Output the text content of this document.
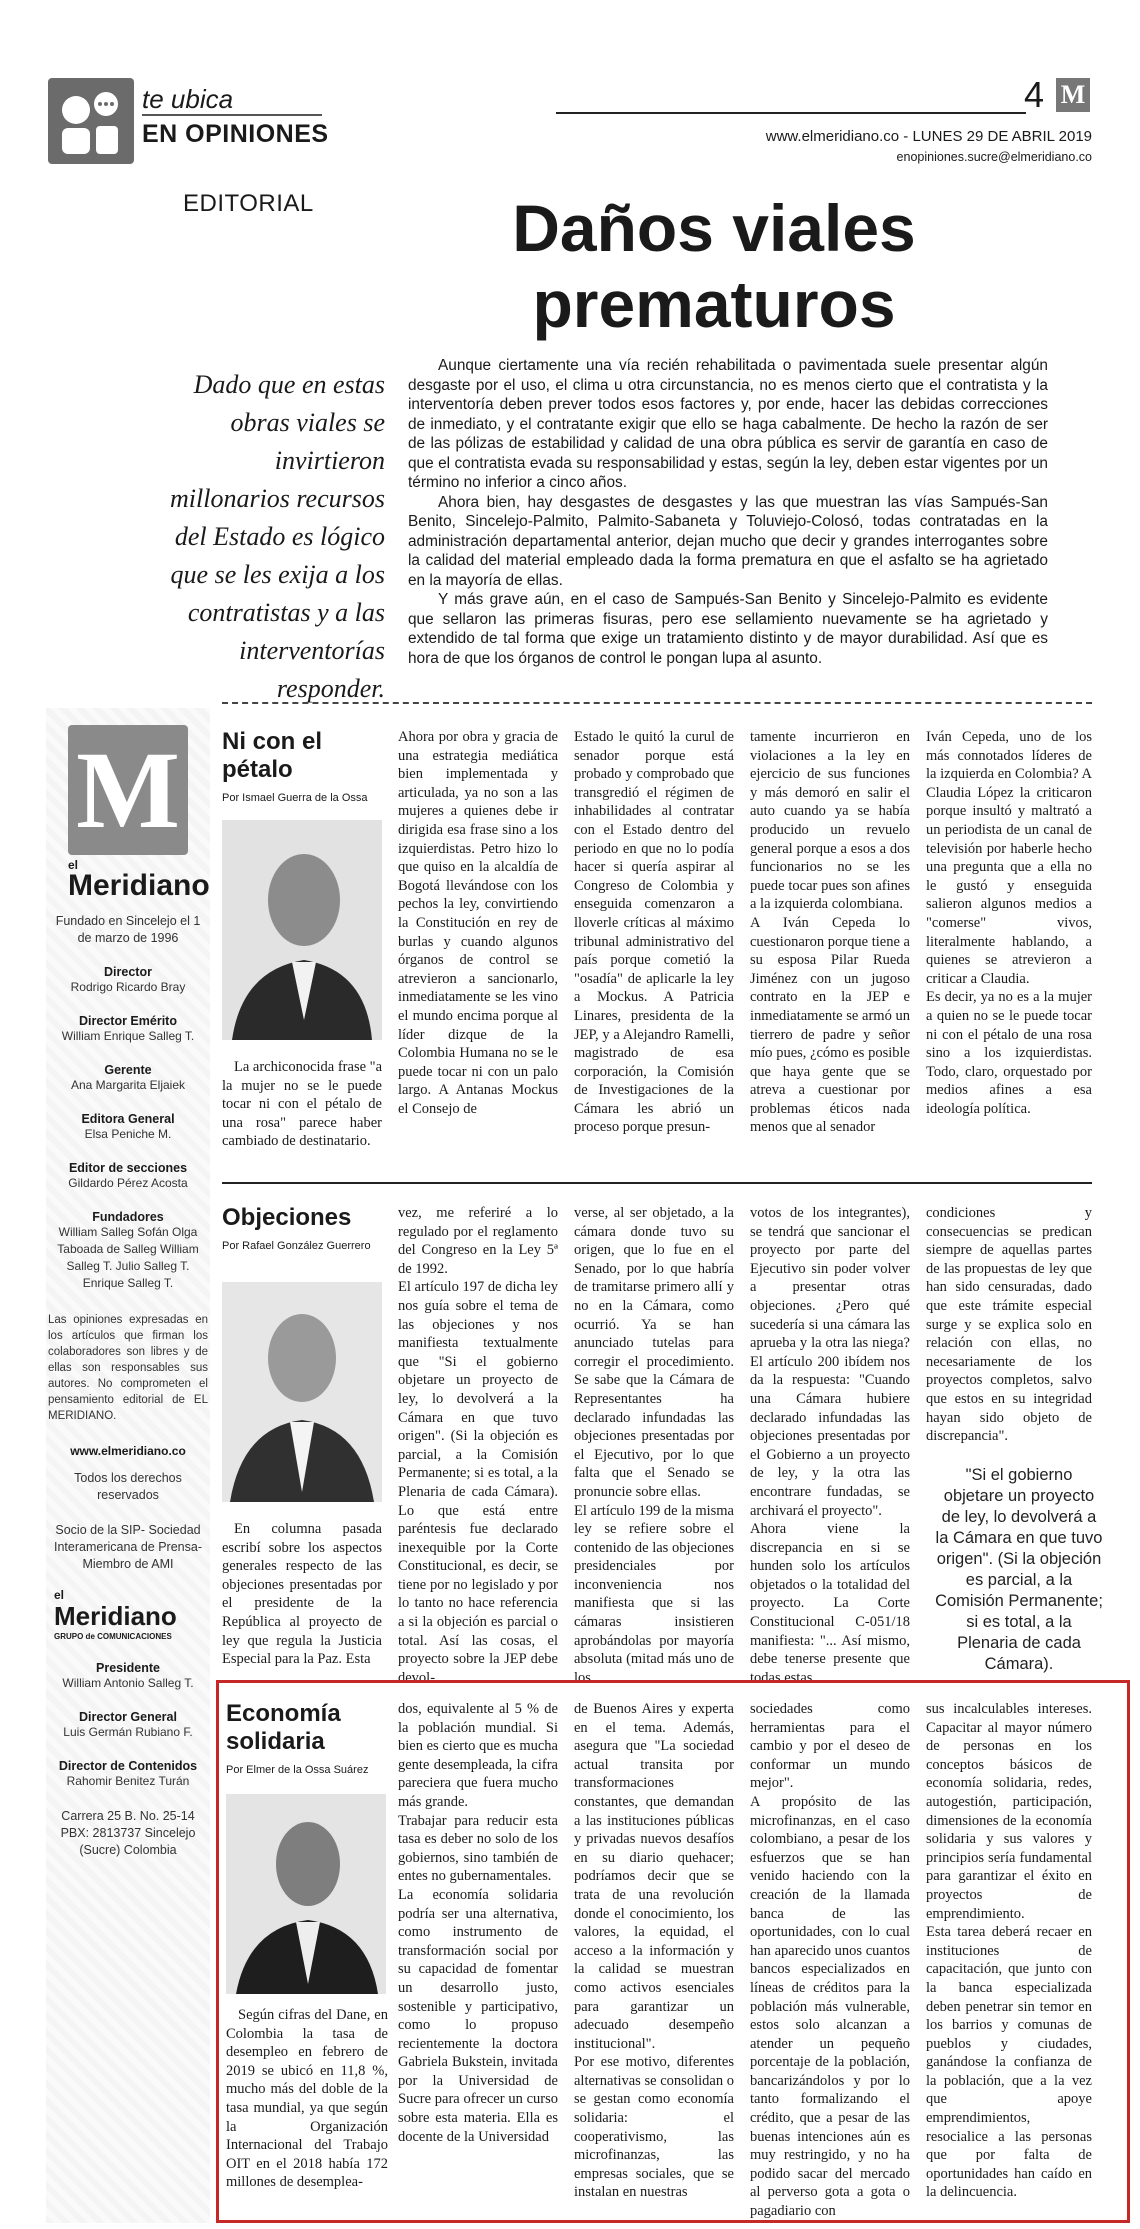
te ubica
EN OPINIONES
4 M
www.elmeridiano.co - LUNES 29 DE ABRIL 2019
enopiniones.sucre@elmeridiano.co
EDITORIAL	Daños viales prematuros
Dado que en estas obras viales se invirtieron millonarios recursos del Estado es lógico que se les exija a los contratistas y a las interventorías responder.

Aunque ciertamente una vía recién rehabilitada o pavimentada suele presentar algún desgaste por el uso, el clima u otra circunstancia, no es menos cierto que el contratista y la interventoría deben prever todos esos factores y, por ende, hacer las debidas correcciones de inmediato, y el contratante exigir que ello se haga cabalmente. De hecho la razón de ser de las pólizas de estabilidad y calidad de una obra pública es servir de garantía en caso de que el contratista evada su responsabilidad y estas, según la ley, deben estar vigentes por un término no inferior a cinco años.

Ahora bien, hay desgastes de desgastes y las que muestran las vías Sampués-San Benito, Sincelejo-Palmito, Palmito-Sabaneta y Toluviejo-Colosó, todas contratadas en la administración departamental anterior, dejan mucho que decir y grandes interrogantes sobre la calidad del material empleado dada la forma prematura en que el asfalto se ha agrietado en la mayoría de ellas.

Y más grave aún, en el caso de Sampués-San Benito y Sincelejo-Palmito es evidente que sellaron las primeras fisuras, pero ese sellamiento nuevamente se ha agrietado y extendido de tal forma que exige un tratamiento distinto y de mayor durabilidad. Así que es hora de que los órganos de control le pongan lupa al asunto.

M
el
Meridiano
Fundado en Sincelejo el 1 de marzo de 1996
Director
Rodrigo Ricardo Bray
Director Emérito
William Enrique Salleg T.
Gerente
Ana Margarita Eljaiek
Editora General
Elsa Peniche M.
Editor de secciones
Gildardo Pérez Acosta
Fundadores
William Salleg Sofán Olga Taboada de Salleg William Salleg T. Julio Salleg T. Enrique Salleg T.
Las opiniones expresadas en los artículos que firman los colaboradores son libres y de ellas son responsables sus autores. No comprometen el pensamiento editorial de EL MERIDIANO.
www.elmeridiano.co
Todos los derechos reservados
Socio de la SIP- Sociedad Interamericana de Prensa- Miembro de AMI
el
Meridiano
GRUPO de COMUNICACIONES
Presidente
William Antonio Salleg T.
Director General
Luis Germán Rubiano F.
Director de Contenidos
Rahomir Benitez Turán
Carrera 25 B. No. 25-14 PBX: 2813737 Sincelejo (Sucre) Colombia
Ni con el pétalo
Por Ismael Guerra de la Ossa

La archiconocida frase "a la mujer no se le puede tocar ni con el pétalo de una rosa" parece haber cambiado de destinatario.

Ahora por obra y gracia de una estrategia mediática bien implementada y articulada, ya no son a las mujeres a quienes debe ir dirigida esa frase sino a los izquierdistas. Petro hizo lo que quiso en la alcaldía de Bogotá llevándose con los pechos la ley, convirtiendo la Constitución en rey de burlas y cuando algunos órganos de control se atrevieron a sancionarlo, inmediatamente se les vino el mundo encima porque al líder dizque de la Colombia Humana no se le puede tocar ni con un palo largo. A Antanas Mockus el Consejo de

Estado le quitó la curul de senador porque está probado y comprobado que transgredió el régimen de inhabilidades al contratar con el Estado dentro del periodo en que no lo podía hacer si quería aspirar al Congreso de Colombia y enseguida comenzaron a lloverle críticas al máximo tribunal administrativo del país porque cometió la "osadía" de aplicarle la ley a Mockus. A Patricia Linares, presidenta de la JEP, y a Alejandro Ramelli, magistrado de esa corporación, la Comisión de Investigaciones de la Cámara les abrió un proceso porque presun-

tamente incurrieron en violaciones a la ley en ejercicio de sus funciones y más demoró en salir el auto cuando ya se había producido un revuelo general porque a esos a dos funcionarios no se les puede tocar pues son afines a la izquierda colombiana.
A Iván Cepeda lo cuestionaron porque tiene a su esposa Pilar Rueda Jiménez con un jugoso contrato en la JEP e inmediatamente se armó un tierrero de padre y señor mío pues, ¿cómo es posible que haya gente que se atreva a cuestionar por problemas éticos nada menos que al senador

Iván Cepeda, uno de los más connotados líderes de la izquierda en Colombia? A Claudia López la criticaron porque insultó y maltrató a un periodista de un canal de televisión por haberle hecho una pregunta que a ella no le gustó y enseguida salieron algunos medios a "comerse" vivos, literalmente hablando, a quienes se atrevieron a criticar a Claudia.
Es decir, ya no es a la mujer a quien no se le puede tocar ni con el pétalo de una rosa sino a los izquierdistas. Todo, claro, orquestado por medios afines a esa ideología política.

Objeciones
Por Rafael González Guerrero

En columna pasada escribí sobre los aspectos generales respecto de las objeciones presentadas por el presidente de la República al proyecto de ley que regula la Justicia Especial para la Paz. Esta

vez, me referiré a lo regulado por el reglamento del Congreso en la Ley 5ª de 1992.
El artículo 197 de dicha ley nos guía sobre el tema de las objeciones y nos manifiesta textualmente que "Si el gobierno objetare un proyecto de ley, lo devolverá a la Cámara en que tuvo origen". (Si la objeción es parcial, a la Comisión Permanente; si es total, a la Plenaria de cada Cámara). Lo que está entre paréntesis fue declarado inexequible por la Corte Constitucional, es decir, se tiene por no legislado y por lo tanto no hace referencia a si la objeción es parcial o total. Así las cosas, el proyecto sobre la JEP debe devol-

verse, al ser objetado, a la cámara donde tuvo su origen, que lo fue en el Senado, por lo que habría de tramitarse primero allí y no en la Cámara, como ocurrió. Ya se han anunciado tutelas para corregir el procedimiento. Se sabe que la Cámara de Representantes ha declarado infundadas las objeciones presentadas por el Ejecutivo, por lo que falta que el Senado se pronuncie sobre ellas.
El artículo 199 de la misma ley se refiere sobre el contenido de las objeciones presidenciales por inconveniencia nos manifiesta que si las cámaras insistieren aprobándolas por mayoría absoluta (mitad más uno de los

votos de los integrantes), se tendrá que sancionar el proyecto por parte del Ejecutivo sin poder volver a presentar otras objeciones. ¿Pero qué sucedería si una cámara las aprueba y la otra las niega? El artículo 200 ibídem nos da la respuesta: "Cuando una Cámara hubiere declarado infundadas las objeciones presentadas por el Gobierno a un proyecto de ley, y la otra las encontrare fundadas, se archivará el proyecto".
Ahora viene la discrepancia en si se hunden solo los artículos objetados o la totalidad del proyecto. La Corte Constitucional C-051/18 manifiesta: "... Así mismo, debe tenerse presente que todas estas

condiciones y consecuencias se predican siempre de aquellas partes de las propuestas de ley que han sido censuradas, dado que este trámite especial surge y se explica solo en relación con ellas, no necesariamente de los proyectos completos, salvo que estos en su integridad hayan sido objeto de discrepancia".

"Si el gobierno objetare un proyecto de ley, lo devolverá a la Cámara en que tuvo origen". (Si la objeción es parcial, a la Comisión Permanente; si es total, a la Plenaria de cada Cámara).
Economía solidaria
Por Elmer de la Ossa Suárez

Según cifras del Dane, en Colombia la tasa de desempleo en febrero de 2019 se ubicó en 11,8 %, mucho más del doble de la tasa mundial, ya que según la Organización Internacional del Trabajo OIT en el 2018 había 172 millones de desemplea-

dos, equivalente al 5 % de la población mundial. Si bien es cierto que es mucha gente desempleada, la cifra pareciera que fuera mucho más grande.
Trabajar para reducir esta tasa es deber no solo de los gobiernos, sino también de entes no gubernamentales.
La economía solidaria podría ser una alternativa, como instrumento de transformación social por su capacidad de fomentar un desarrollo justo, sostenible y participativo, como lo propuso recientemente la doctora Gabriela Bukstein, invitada por la Universidad de Sucre para ofrecer un curso sobre esta materia. Ella es docente de la Universidad

de Buenos Aires y experta en el tema. Además, asegura que "La sociedad actual transita por transformaciones constantes, que demandan a las instituciones públicas y privadas nuevos desafíos en su diario quehacer; podríamos decir que se trata de una revolución donde el conocimiento, los valores, la equidad, el acceso a la información y la calidad se muestran como activos esenciales para garantizar un adecuado desempeño institucional".
Por ese motivo, diferentes alternativas se consolidan o se gestan como economía solidaria: el cooperativismo, las microfinanzas, las empresas sociales, que se instalan en nuestras

sociedades como herramientas para el cambio y por el deseo de conformar un mundo mejor".
A propósito de las microfinanzas, en el caso colombiano, a pesar de los esfuerzos que se han venido haciendo con la creación de la llamada banca de las oportunidades, con lo cual han aparecido unos cuantos bancos especializados en líneas de créditos para la población más vulnerable, estos solo alcanzan a atender un pequeño porcentaje de la población, bancarizándolos y por lo tanto formalizando el crédito, que a pesar de las buenas intenciones aún es muy restringido, y no ha podido sacar del mercado al perverso gota a gota o pagadiario con

sus incalculables intereses. Capacitar al mayor número de personas en los conceptos básicos de economía solidaria, redes, autogestión, participación, dimensiones de la economía solidaria y sus valores y principios sería fundamental para garantizar el éxito en proyectos de emprendimiento.
Esta tarea deberá recaer en instituciones de capacitación, que junto con la banca especializada deben penetrar sin temor en los barrios y comunas de pueblos y ciudades, ganándose la confianza de la población, que a la vez que apoye emprendimientos, resocialice a las personas que por falta de oportunidades han caído en la delincuencia.
